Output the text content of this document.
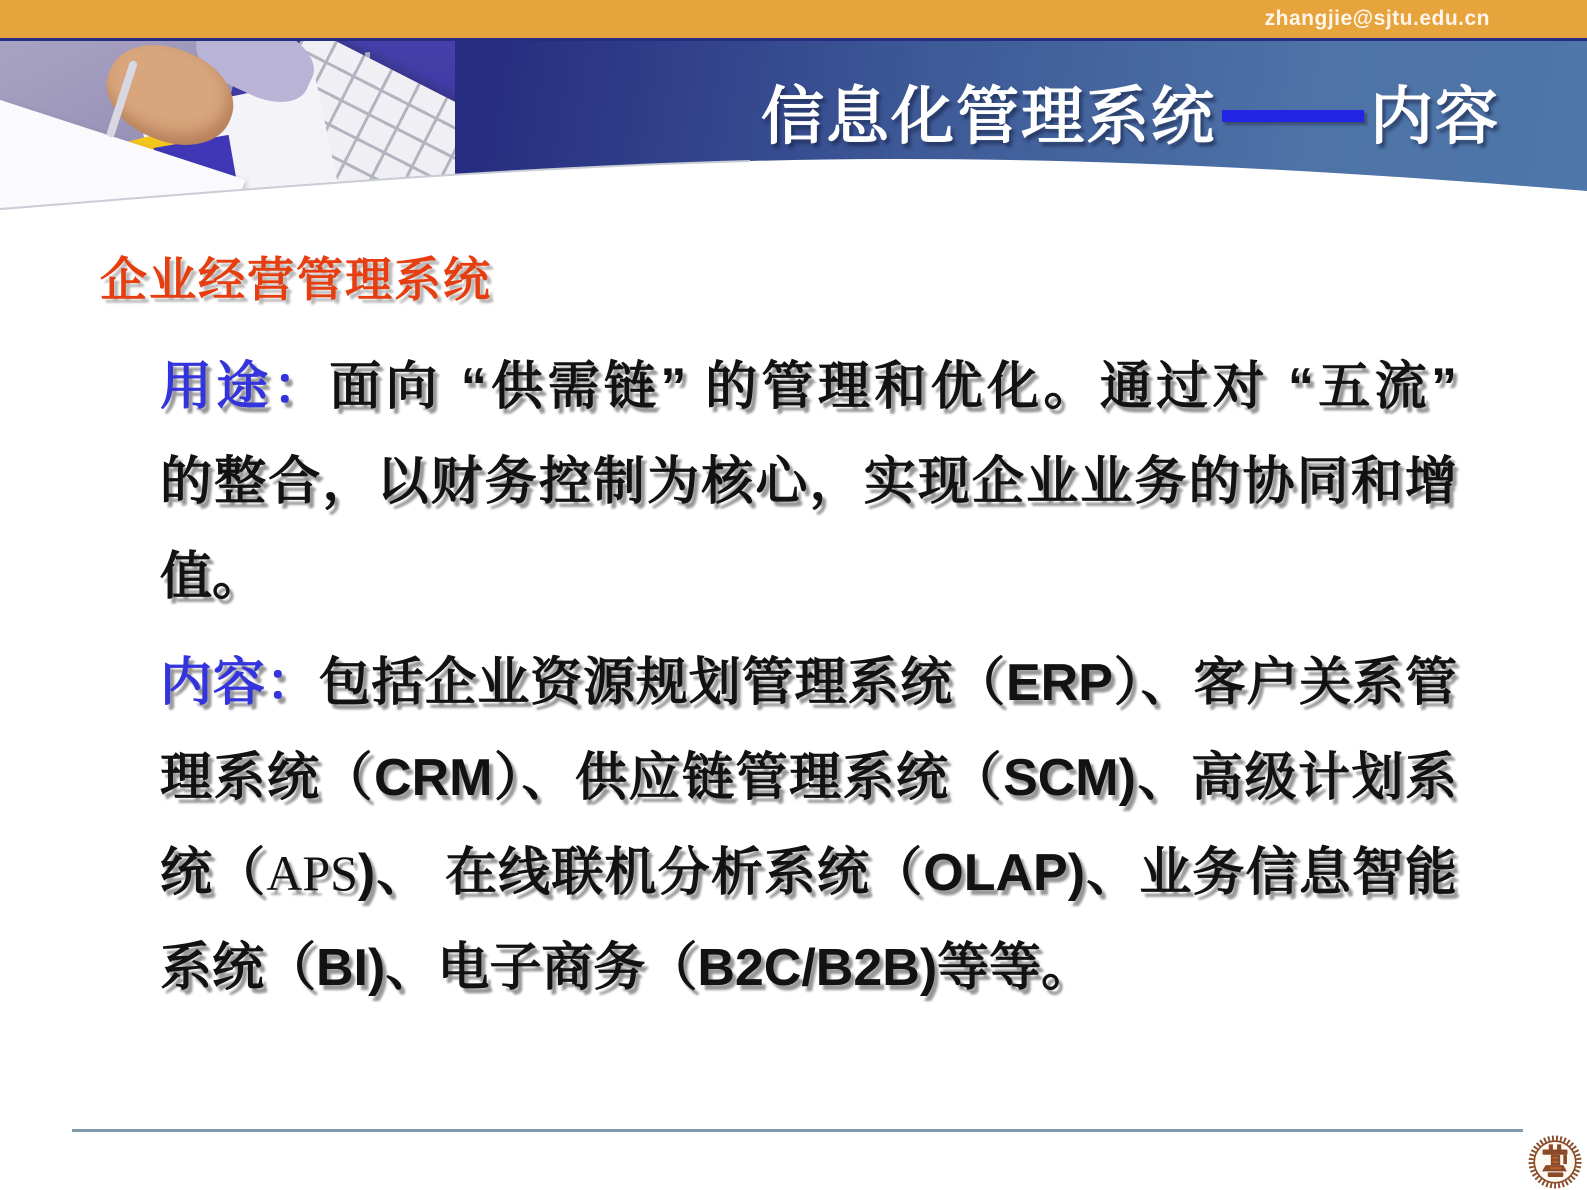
zhangjie@sjtu.edu.cn
信息化管理系统 内容
企业经营管理系统
用途：面向 “供需链” 的管理和优化。通过对 “五流”
的整合，以财务控制为核心，实现企业业务的协同和增
值。
内容：包括企业资源规划管理系统（ERP）、客户关系管
理系统（CRM）、供应链管理系统（SCM)、高级计划系
统（APS)、 在线联机分析系统（OLAP)、业务信息智能
系统（BI)、电子商务（B2C/B2B)等等。
